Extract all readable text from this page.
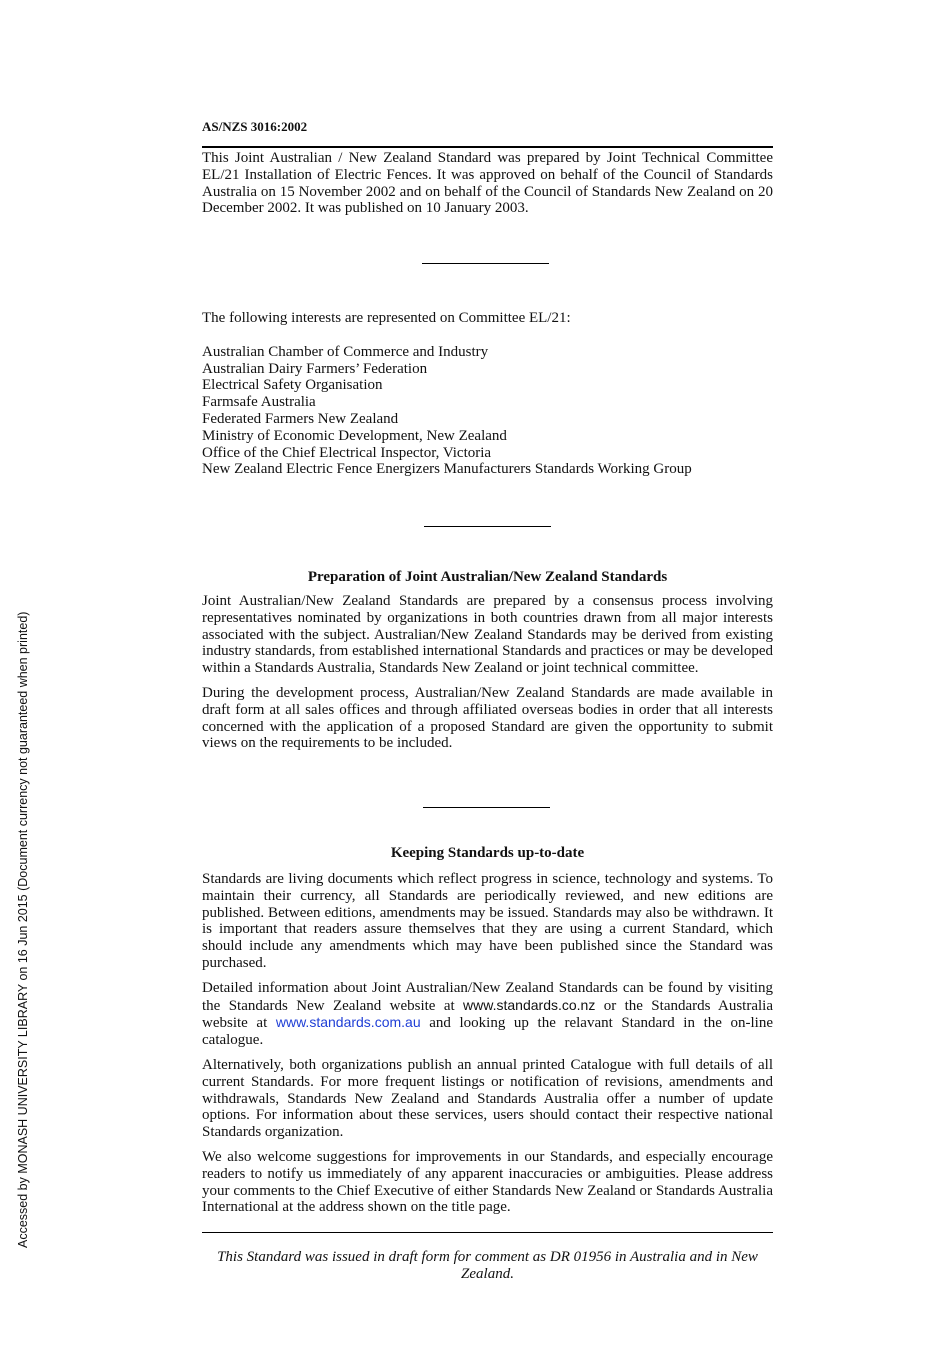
Accessed by MONASH UNIVERSITY LIBRARY on 16 Jun 2015 (Document currency not guaranteed when printed)
AS/NZS 3016:2002

This Joint Australian / New Zealand Standard was prepared by Joint Technical Committee EL/21 Installation of Electric Fences. It was approved on behalf of the Council of Standards Australia on 15 November 2002 and on behalf of the Council of Standards New Zealand on 20 December 2002. It was published on 10 January 2003.

The following interests are represented on Committee EL/21:

Australian Chamber of Commerce and Industry
Australian Dairy Farmers’ Federation
Electrical Safety Organisation
Farmsafe Australia
Federated Farmers New Zealand
Ministry of Economic Development, New Zealand
Office of the Chief Electrical Inspector, Victoria
New Zealand Electric Fence Energizers Manufacturers Standards Working Group

Preparation of Joint Australian/New Zealand Standards

Joint Australian/New Zealand Standards are prepared by a consensus process involving representatives nominated by organizations in both countries drawn from all major interests associated with the subject. Australian/New Zealand Standards may be derived from existing industry standards, from established international Standards and practices or may be developed within a Standards Australia, Standards New Zealand or joint technical committee.

During the development process, Australian/New Zealand Standards are made available in draft form at all sales offices and through affiliated overseas bodies in order that all interests concerned with the application of a proposed Standard are given the opportunity to submit views on the requirements to be included.

Keeping Standards up-to-date

Standards are living documents which reflect progress in science, technology and systems. To maintain their currency, all Standards are periodically reviewed, and new editions are published. Between editions, amendments may be issued. Standards may also be withdrawn. It is important that readers assure themselves that they are using a current Standard, which should include any amendments which may have been published since the Standard was purchased.

Detailed information about Joint Australian/New Zealand Standards can be found by visiting the Standards New Zealand website at www.standards.co.nz or the Standards Australia website at www.standards.com.au and looking up the relavant Standard in the on-line catalogue.

Alternatively, both organizations publish an annual printed Catalogue with full details of all current Standards. For more frequent listings or notification of revisions, amendments and withdrawals, Standards New Zealand and Standards Australia offer a number of update options. For information about these services, users should contact their respective national Standards organization.

We also welcome suggestions for improvements in our Standards, and especially encourage readers to notify us immediately of any apparent inaccuracies or ambiguities. Please address your comments to the Chief Executive of either Standards New Zealand or Standards Australia International at the address shown on the title page.

This Standard was issued in draft form for comment as DR 01956 in Australia and in New Zealand.
